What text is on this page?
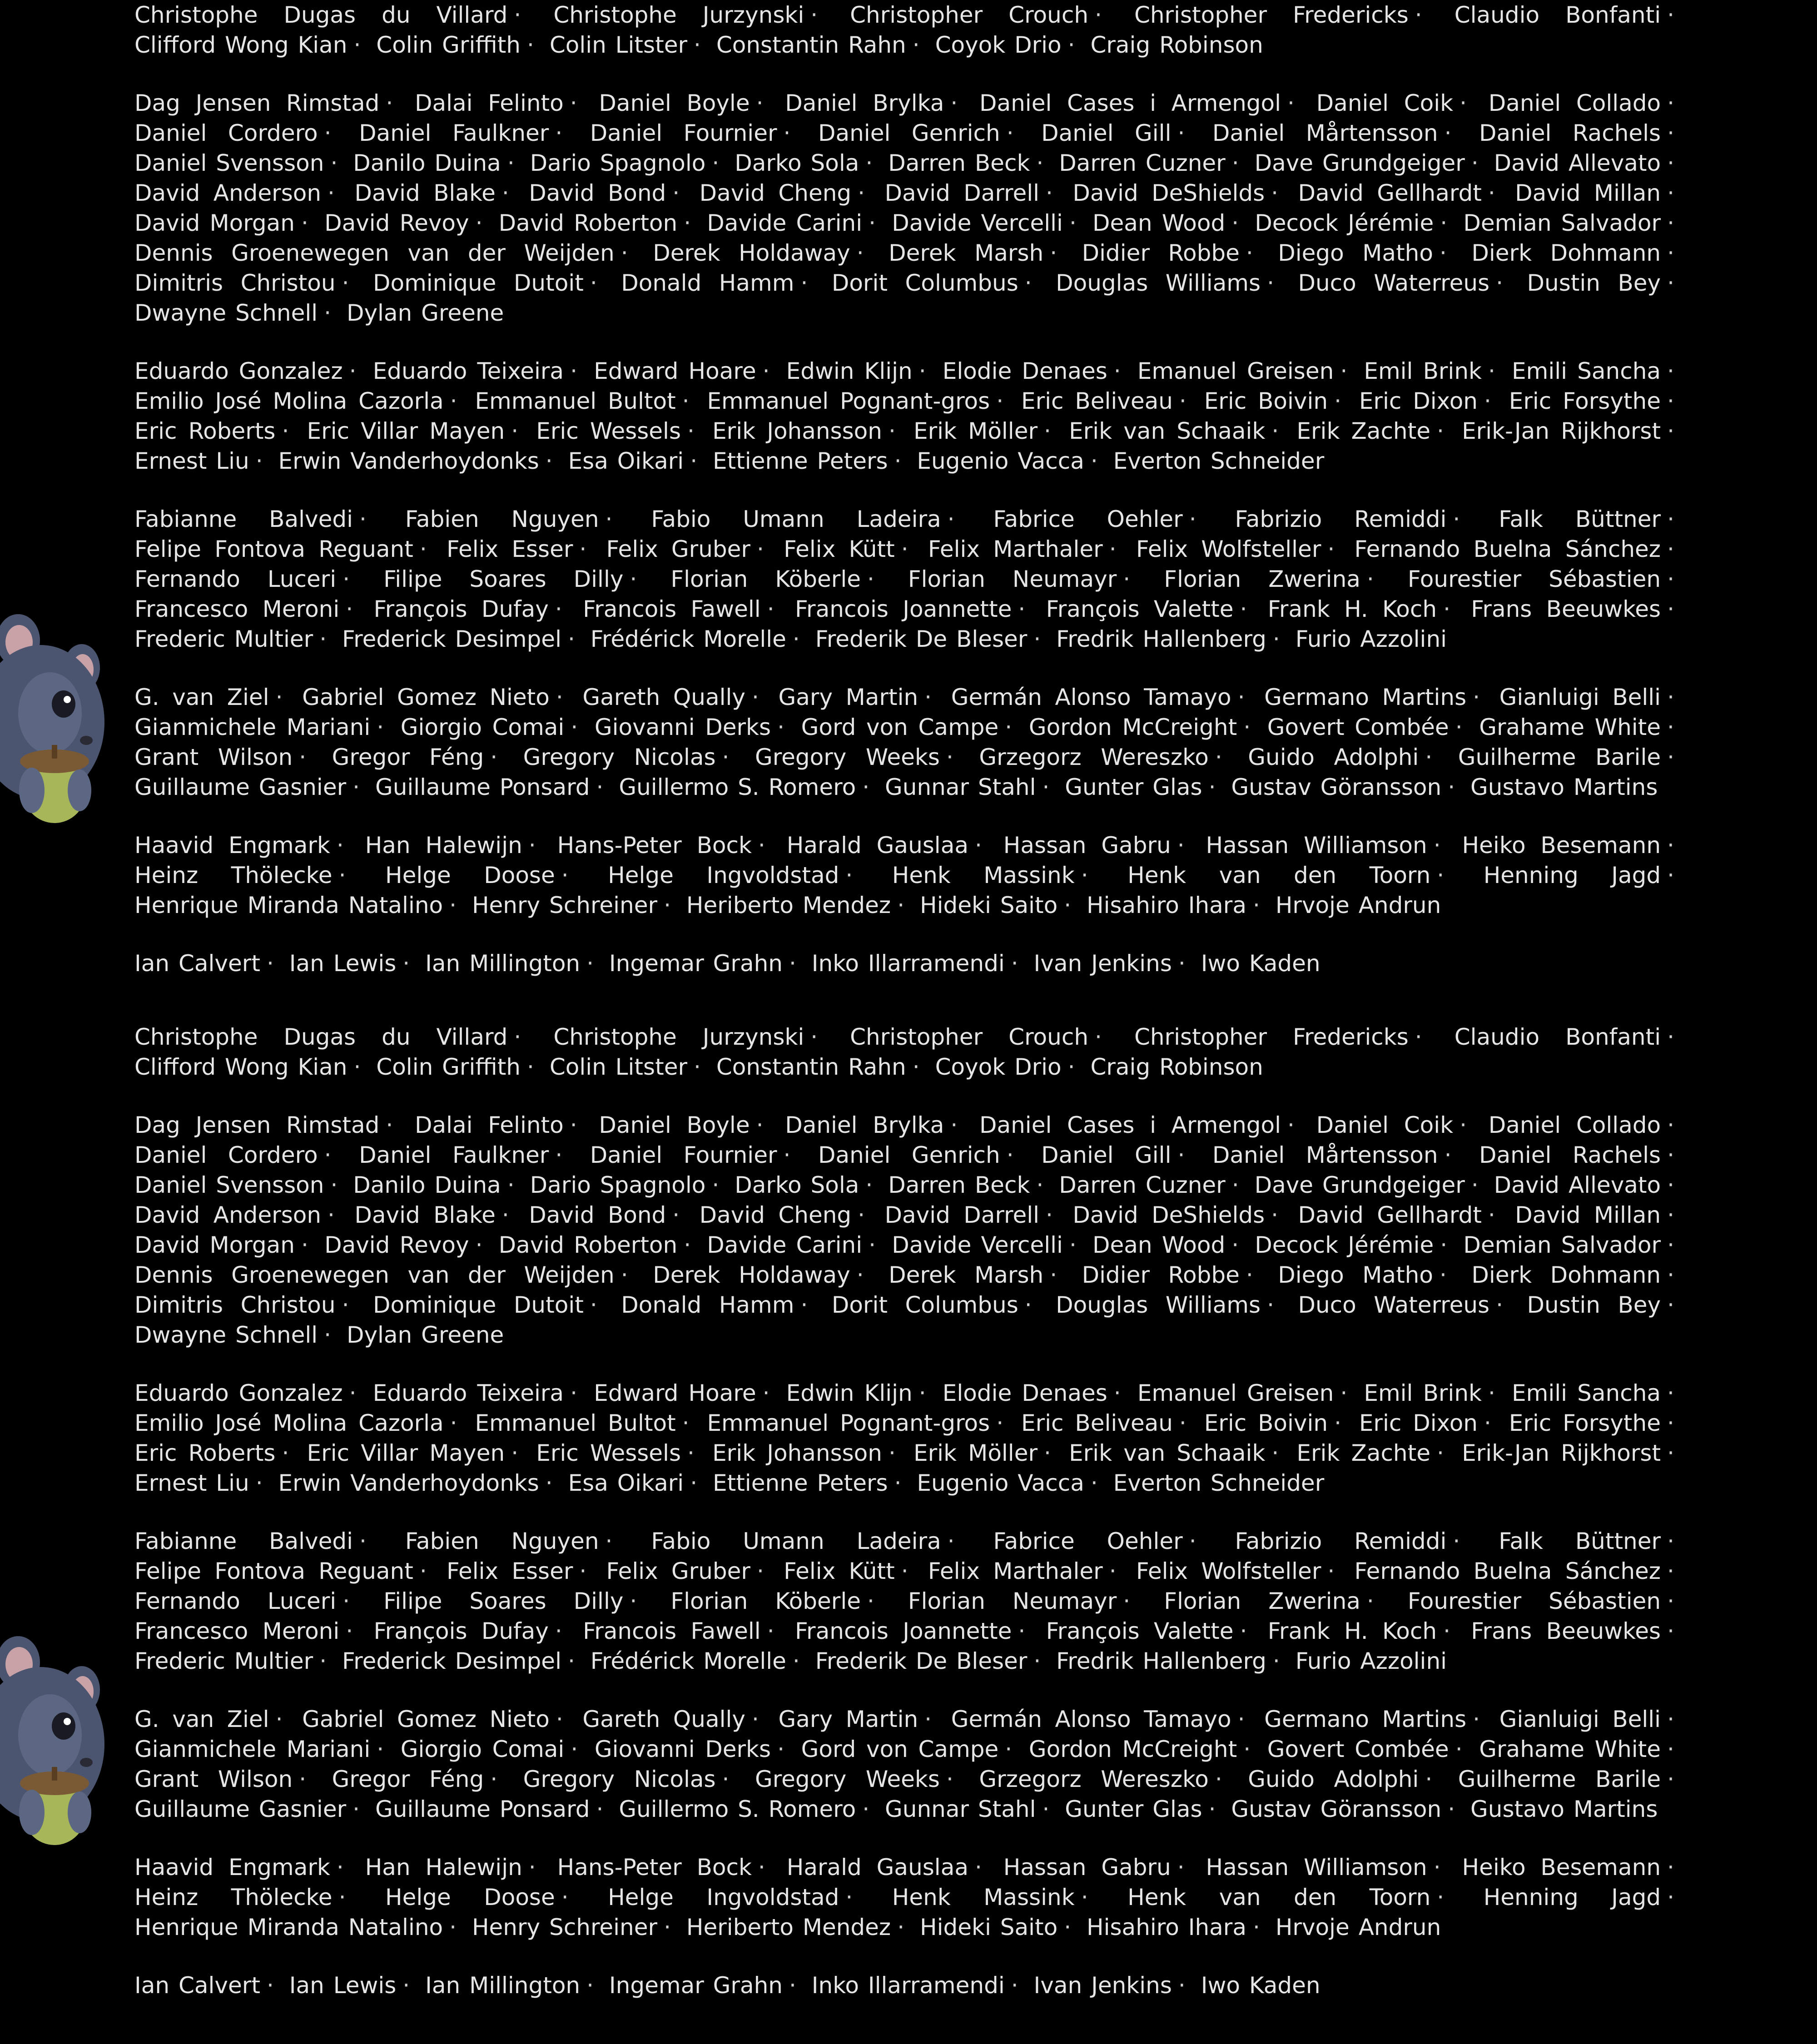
Christophe Dugas du Villard · Christophe Jurzynski · Christopher Crouch · Christopher Fredericks · Claudio Bonfanti · Clifford Wong Kian · Colin Griffith · Colin Litster · Constantin Rahn · Coyok Drio · Craig Robinson

Dag Jensen Rimstad · Dalai Felinto · Daniel Boyle · Daniel Brylka · Daniel Cases i Armengol · Daniel Coik · Daniel Collado · Daniel Cordero · Daniel Faulkner · Daniel Fournier · Daniel Genrich · Daniel Gill · Daniel Mårtensson · Daniel Rachels · Daniel Svensson · Danilo Duina · Dario Spagnolo · Darko Sola · Darren Beck · Darren Cuzner · Dave Grundgeiger · David Allevato · David Anderson · David Blake · David Bond · David Cheng · David Darrell · David DeShields · David Gellhardt · David Millan · David Morgan · David Revoy · David Roberton · Davide Carini · Davide Vercelli · Dean Wood · Decock Jérémie · Demian Salvador · Dennis Groenewegen van der Weijden · Derek Holdaway · Derek Marsh · Didier Robbe · Diego Matho · Dierk Dohmann · Dimitris Christou · Dominique Dutoit · Donald Hamm · Dorit Columbus · Douglas Williams · Duco Waterreus · Dustin Bey · Dwayne Schnell · Dylan Greene

Eduardo Gonzalez · Eduardo Teixeira · Edward Hoare · Edwin Klijn · Elodie Denaes · Emanuel Greisen · Emil Brink · Emili Sancha · Emilio José Molina Cazorla · Emmanuel Bultot · Emmanuel Pognant-gros · Eric Beliveau · Eric Boivin · Eric Dixon · Eric Forsythe · Eric Roberts · Eric Villar Mayen · Eric Wessels · Erik Johansson · Erik Möller · Erik van Schaaik · Erik Zachte · Erik-Jan Rijkhorst · Ernest Liu · Erwin Vanderhoydonks · Esa Oikari · Ettienne Peters · Eugenio Vacca · Everton Schneider

Fabianne Balvedi · Fabien Nguyen · Fabio Umann Ladeira · Fabrice Oehler · Fabrizio Remiddi · Falk Büttner · Felipe Fontova Reguant · Felix Esser · Felix Gruber · Felix Kütt · Felix Marthaler · Felix Wolfsteller · Fernando Buelna Sánchez · Fernando Luceri · Filipe Soares Dilly · Florian Köberle · Florian Neumayr · Florian Zwerina · Fourestier Sébastien · Francesco Meroni · François Dufay · Francois Fawell · Francois Joannette · François Valette · Frank H. Koch · Frans Beeuwkes · Frederic Multier · Frederick Desimpel · Frédérick Morelle · Frederik De Bleser · Fredrik Hallenberg · Furio Azzolini

G. van Ziel · Gabriel Gomez Nieto · Gareth Qually · Gary Martin · Germán Alonso Tamayo · Germano Martins · Gianluigi Belli · Gianmichele Mariani · Giorgio Comai · Giovanni Derks · Gord von Campe · Gordon McCreight · Govert Combée · Grahame White · Grant Wilson · Gregor Féng · Gregory Nicolas · Gregory Weeks · Grzegorz Wereszko · Guido Adolphi · Guilherme Barile · Guillaume Gasnier · Guillaume Ponsard · Guillermo S. Romero · Gunnar Stahl · Gunter Glas · Gustav Göransson · Gustavo Martins

Haavid Engmark · Han Halewijn · Hans-Peter Bock · Harald Gauslaa · Hassan Gabru · Hassan Williamson · Heiko Besemann · Heinz Thölecke · Helge Doose · Helge Ingvoldstad · Henk Massink · Henk van den Toorn · Henning Jagd · Henrique Miranda Natalino · Henry Schreiner · Heriberto Mendez · Hideki Saito · Hisahiro Ihara · Hrvoje Andrun

Ian Calvert · Ian Lewis · Ian Millington · Ingemar Grahn · Inko Illarramendi · Ivan Jenkins · Iwo Kaden

Christophe Dugas du Villard · Christophe Jurzynski · Christopher Crouch · Christopher Fredericks · Claudio Bonfanti · Clifford Wong Kian · Colin Griffith · Colin Litster · Constantin Rahn · Coyok Drio · Craig Robinson

Dag Jensen Rimstad · Dalai Felinto · Daniel Boyle · Daniel Brylka · Daniel Cases i Armengol · Daniel Coik · Daniel Collado · Daniel Cordero · Daniel Faulkner · Daniel Fournier · Daniel Genrich · Daniel Gill · Daniel Mårtensson · Daniel Rachels · Daniel Svensson · Danilo Duina · Dario Spagnolo · Darko Sola · Darren Beck · Darren Cuzner · Dave Grundgeiger · David Allevato · David Anderson · David Blake · David Bond · David Cheng · David Darrell · David DeShields · David Gellhardt · David Millan · David Morgan · David Revoy · David Roberton · Davide Carini · Davide Vercelli · Dean Wood · Decock Jérémie · Demian Salvador · Dennis Groenewegen van der Weijden · Derek Holdaway · Derek Marsh · Didier Robbe · Diego Matho · Dierk Dohmann · Dimitris Christou · Dominique Dutoit · Donald Hamm · Dorit Columbus · Douglas Williams · Duco Waterreus · Dustin Bey · Dwayne Schnell · Dylan Greene

Eduardo Gonzalez · Eduardo Teixeira · Edward Hoare · Edwin Klijn · Elodie Denaes · Emanuel Greisen · Emil Brink · Emili Sancha · Emilio José Molina Cazorla · Emmanuel Bultot · Emmanuel Pognant-gros · Eric Beliveau · Eric Boivin · Eric Dixon · Eric Forsythe · Eric Roberts · Eric Villar Mayen · Eric Wessels · Erik Johansson · Erik Möller · Erik van Schaaik · Erik Zachte · Erik-Jan Rijkhorst · Ernest Liu · Erwin Vanderhoydonks · Esa Oikari · Ettienne Peters · Eugenio Vacca · Everton Schneider

Fabianne Balvedi · Fabien Nguyen · Fabio Umann Ladeira · Fabrice Oehler · Fabrizio Remiddi · Falk Büttner · Felipe Fontova Reguant · Felix Esser · Felix Gruber · Felix Kütt · Felix Marthaler · Felix Wolfsteller · Fernando Buelna Sánchez · Fernando Luceri · Filipe Soares Dilly · Florian Köberle · Florian Neumayr · Florian Zwerina · Fourestier Sébastien · Francesco Meroni · François Dufay · Francois Fawell · Francois Joannette · François Valette · Frank H. Koch · Frans Beeuwkes · Frederic Multier · Frederick Desimpel · Frédérick Morelle · Frederik De Bleser · Fredrik Hallenberg · Furio Azzolini

G. van Ziel · Gabriel Gomez Nieto · Gareth Qually · Gary Martin · Germán Alonso Tamayo · Germano Martins · Gianluigi Belli · Gianmichele Mariani · Giorgio Comai · Giovanni Derks · Gord von Campe · Gordon McCreight · Govert Combée · Grahame White · Grant Wilson · Gregor Féng · Gregory Nicolas · Gregory Weeks · Grzegorz Wereszko · Guido Adolphi · Guilherme Barile · Guillaume Gasnier · Guillaume Ponsard · Guillermo S. Romero · Gunnar Stahl · Gunter Glas · Gustav Göransson · Gustavo Martins

Haavid Engmark · Han Halewijn · Hans-Peter Bock · Harald Gauslaa · Hassan Gabru · Hassan Williamson · Heiko Besemann · Heinz Thölecke · Helge Doose · Helge Ingvoldstad · Henk Massink · Henk van den Toorn · Henning Jagd · Henrique Miranda Natalino · Henry Schreiner · Heriberto Mendez · Hideki Saito · Hisahiro Ihara · Hrvoje Andrun

Ian Calvert · Ian Lewis · Ian Millington · Ingemar Grahn · Inko Illarramendi · Ivan Jenkins · Iwo Kaden
